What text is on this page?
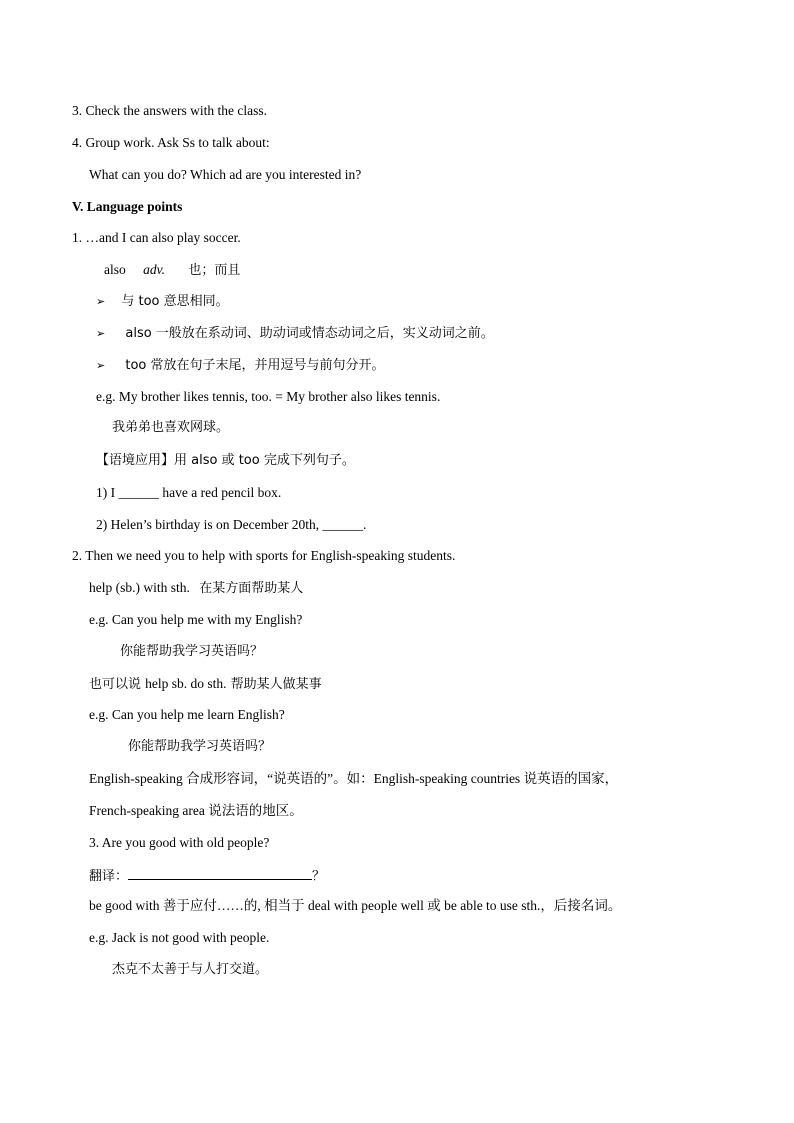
3. Check the answers with the class.
4. Group work. Ask Ss to talk about:
What can you do? Which ad are you interested in?
V. Language points
1. …and I can also play soccer.
also adv. 也；而且
➢ 与 too 意思相同。
➢ also 一般放在系动词、助动词或情态动词之后，实义动词之前。
➢ too 常放在句子末尾，并用逗号与前句分开。
e.g. My brother likes tennis, too. = My brother also likes tennis.
我弟弟也喜欢网球。
【语境应用】用 also 或 too 完成下列句子。
1) I ______ have a red pencil box.
2) Helen’s birthday is on December 20th, ______.
2. Then we need you to help with sports for English-speaking students.
help (sb.) with sth. 在某方面帮助某人
e.g. Can you help me with my English?
你能帮助我学习英语吗？
也可以说 help sb. do sth. 帮助某人做某事
e.g. Can you help me learn English?
你能帮助我学习英语吗？
English-speaking 合成形容词，“说英语的”。如：English-speaking countries 说英语的国家，
French-speaking area 说法语的地区。
3. Are you good with old people?
翻译：	？
be good with 善于应付……的, 相当于 deal with people well 或 be able to use sth.，后接名词。
e.g. Jack is not good with people.
杰克不太善于与人打交道。
